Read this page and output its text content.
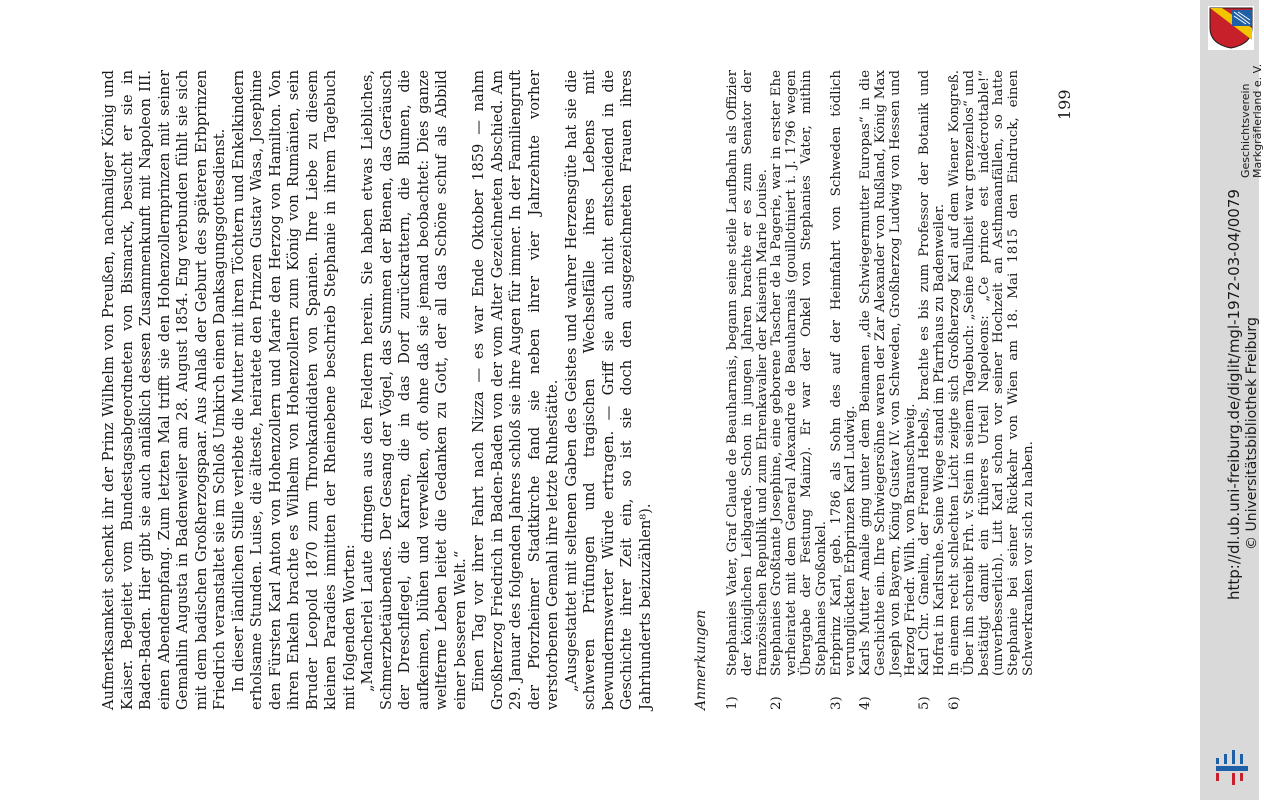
Aufmerksamkeit schenkt ihr der Prinz Wilhelm von Preußen, nachmaliger König und Kaiser. Begleitet vom Bundestagsabgeordneten von Bismarck, besucht er sie in Baden-Baden. Hier gibt sie auch anläßlich dessen Zusammenkunft mit Napoleon III. einen Abendempfang. Zum letzten Mal trifft sie den Hohenzollernprinzen mit seiner Gemahlin Augusta in Badenweiler am 28. August 1854. Eng verbunden fühlt sie sich mit dem badischen Großherzogspaar. Aus Anlaß der Geburt des späteren Erbprinzen Friedrich veranstaltet sie im Schloß Umkirch einen Danksagungsgottesdienst. In dieser ländlichen Stille verlebte die Mutter mit ihren Töchtern und Enkelkindern erholsame Stunden. Luise, die älteste, heiratete den Prinzen Gustav Wasa, Josephine den Fürsten Karl Anton von Hohenzollern und Marie den Herzog von Hamilton. Von ihren Enkeln brachte es Wilhelm von Hohenzollern zum König von Rumänien, sein Bruder Leopold 1870 zum Thronkandidaten von Spanien. Ihre Liebe zu diesem kleinen Paradies inmitten der Rheinebene beschrieb Stephanie in ihrem Tagebuch mit folgenden Worten: „Mancherlei Laute dringen aus den Feldern herein. Sie haben etwas Liebliches, Schmerzbetäubendes. Der Gesang der Vögel, das Summen der Bienen, das Geräusch der Dreschflegel, die Karren, die in das Dorf zurückrattern, die Blumen, die aufkeimen, blühen und verwelken, oft ohne daß sie jemand beobachtet: Dies ganze weltferne Leben leitet die Gedanken zu Gott, der all das Schöne schuf als Abbild einer besseren Welt.“ Einen Tag vor ihrer Fahrt nach Nizza — es war Ende Oktober 1859 — nahm Großherzog Friedrich in Baden-Baden von der vom Alter Gezeichneten Abschied. Am 29. Januar des folgenden Jahres schloß sie ihre Augen für immer. In der Familiengruft der Pforzheimer Stadtkirche fand sie neben ihrer vier Jahrzehnte vorher verstorbenen Gemahl ihre letzte Ruhestätte. „Ausgestattet mit seltenen Gaben des Geistes und wahrer Herzensgüte hat sie die schweren Prüfungen und tragischen Wechselfälle ihres Lebens mit bewundernswerter Würde ertragen. — Griff sie auch nicht entscheidend in die Geschichte ihrer Zeit ein, so ist sie doch den ausgezeichneten Frauen ihres Jahrhunderts beizuzählen⁸).	Anmerkungen 1)
Stephanies Vater, Graf Claude de Beauharnais, begann seine steile Laufbahn als Offizier der königlichen Leibgarde. Schon in jungen Jahren brachte er es zum Senator der französischen Republik und zum Ehrenkavalier der Kaiserin Marie Louise.

2)
Stephanies Großtante Josephine, eine geborene Tascher de la Pagerie, war in erster Ehe verheiratet mit dem General Alexandre de Beauharnais (gouillotiniert i. J. 1796 wegen Übergabe der Festung Mainz). Er war der Onkel von Stephanies Vater, mithin Stephanies Großonkel.

3)
Erbprinz Karl, geb. 1786 als Sohn des auf der Heimfahrt von Schweden tödlich verunglückten Erbprinzen Karl Ludwig.

4)
Karls Mutter Amalie ging unter dem Beinamen „die Schwiegermutter Europas“ in die Geschichte ein. Ihre Schwiegersöhne waren der Zar Alexander von Rußland, König Max Joseph von Bayern, König Gustav IV. von Schweden, Großherzog Ludwig von Hessen und Herzog Friedr. Wilh. von Braunschweig.

5)
Karl Chr. Gmelin, der Freund Hebels, brachte es bis zum Professor der Botanik und Hofrat in Karlsruhe. Seine Wiege stand im Pfarrhaus zu Badenweiler.

6)
In einem recht schlechten Licht zeigte sich Großherzog Karl auf dem Wiener Kongreß. Über ihn schreibt Frh. v. Stein in seinem Tagebuch: „Seine Faulheit war grenzenlos“ und bestätigt damit ein früheres Urteil Napoleons: „Ce prince est indécrottable!“ (unverbesserlich). Litt Karl schon vor seiner Hochzeit an Asthmaanfällen, so hatte Stephanie bei seiner Rückkehr von Wien am 18. Mai 1815 den Eindruck, einen Schwerkranken vor sich zu haben.

199	Geschichtsverein Markgräflerland e. V.
http://dl.ub.uni-freiburg.de/diglit/mgl-1972-03-04/0079 © Universitätsbibliothek Freiburg
